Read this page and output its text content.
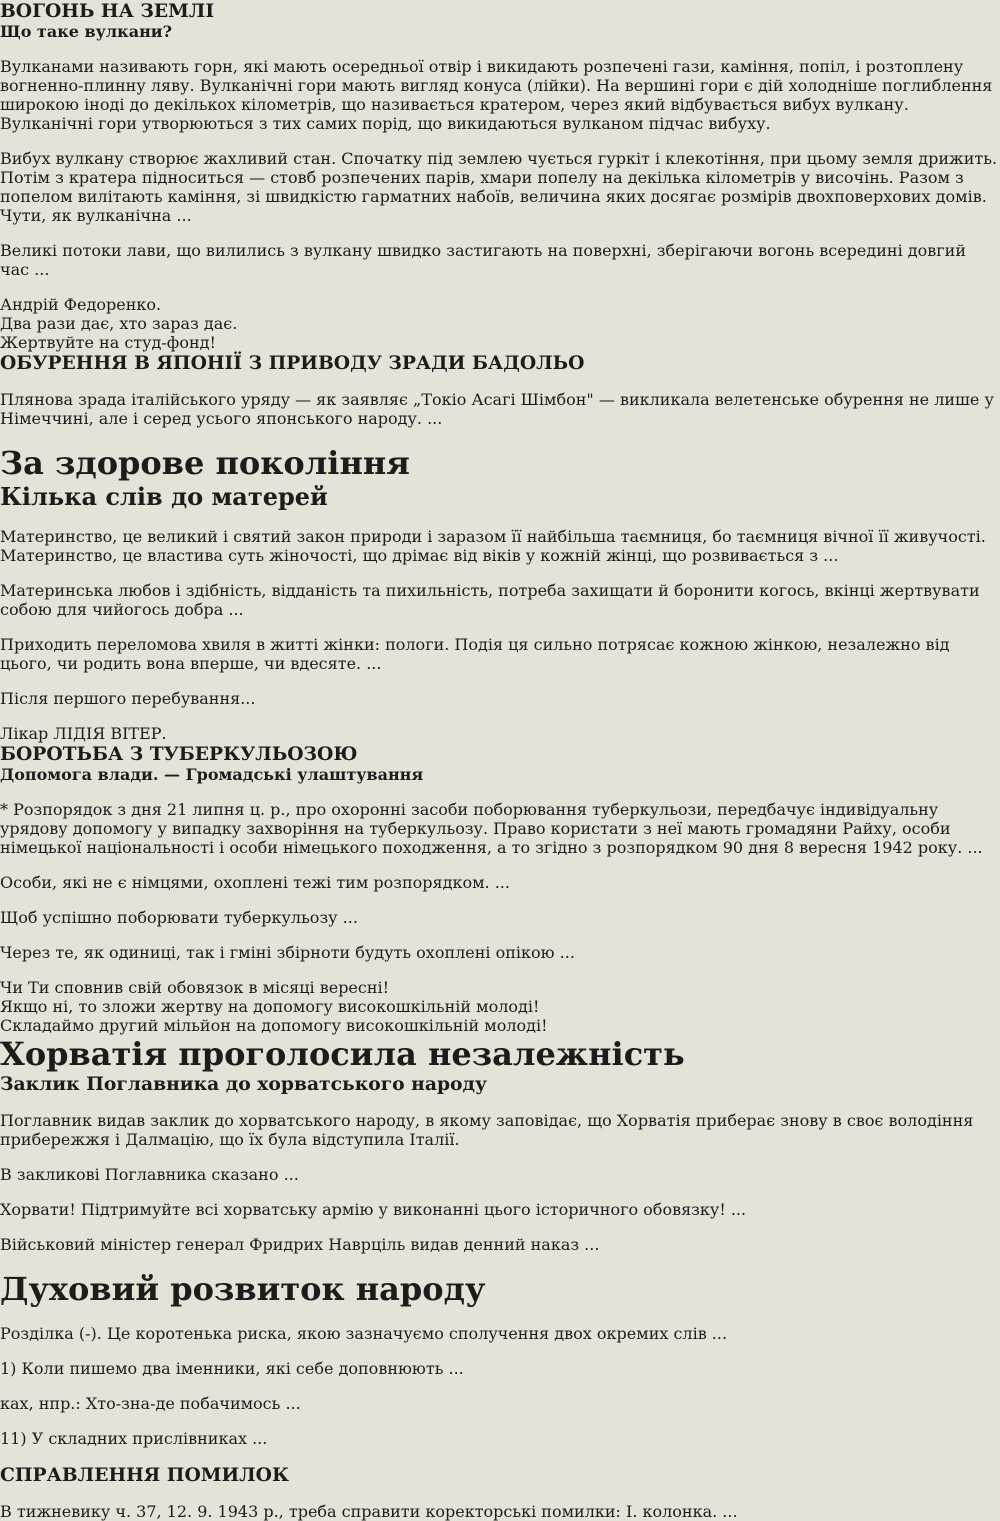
ВОГОНЬ НА ЗЕМЛІ
Що таке вулкани?

Вулканами називають горн, які мають осередньої отвір і викидають розпечені гази, каміння, попіл, і розтоплену вогненно-плинну ляву. Вулканічні гори мають вигляд конуса (лійки). На вершині гори є дій холодніше поглиблення широкою іноді до декількох кілометрів, що називається кратером, через який відбувається вибух вулкану. Вулканічні гори утворюються з тих самих порід, що викидаються вулканом підчас вибуху.

Вибух вулкану створює жахливий стан. Спочатку під землею чується гуркіт і клекотіння, при цьому земля дрижить. Потім з кратера підноситься — стовб розпечених парів, хмари попелу на декілька кілометрів у височінь. Разом з попелом вилітають каміння, зі швидкістю гарматних набоїв, величина яких досягає розмірів двохповерхових домів. Чути, як вулканічна ...

Великі потоки лави, що вилились з вулкану швидко застигають на поверхні, зберігаючи вогонь всередині довгий час ...

Андрій Федоренко.
Два рази дає, хто зараз дає.
Жертвуйте на студ-фонд!
ОБУРЕННЯ В ЯПОНІЇ З ПРИВОДУ ЗРАДИ БАДОЛЬО

Плянова зрада італійського уряду — як заявляє „Токіо Асагі Шімбон" — викликала велетенське обурення не лише у Німеччині, але і серед усього японського народу. ...

За здорове покоління
Кілька слів до матерей

Материнство, це великий і святий закон природи і заразом її найбільша таємниця, бо таємниця вічної її живучості. Материнство, це властива суть жіночості, що дрімає від віків у кожній жінці, що розвивається з ...

Материнська любов і здібність, відданість та пихильність, потреба захищати й боронити когось, вкінці жертвувати собою для чийогось добра ...

Приходить переломова хвиля в житті жінки: пологи. Подія ця сильно потрясає кожною жінкою, незалежно від цього, чи родить вона вперше, чи вдесяте. ...

Після першого перебування...

Лікар ЛІДІЯ ВІТЕР.
БОРОТЬБА З ТУБЕРКУЛЬОЗОЮ
Допомога влади. — Громадські улаштування

* Розпорядок з дня 21 липня ц. р., про охоронні засоби поборювання туберкульози, передбачує індивідуальну урядову допомогу у випадку захворіння на туберкульозу. Право користати з неї мають громадяни Райху, особи німецької національності і особи німецького походження, а то згідно з розпорядком 90 дня 8 вересня 1942 року. ...

Особи, які не є німцями, охоплені тежі тим розпорядком. ...

Щоб успішно поборювати туберкульозу ...

Через те, як одиниці, так і гміні збірноти будуть охоплені опікою ...

Чи Ти сповнив свій обовязок в місяці вересні!
Якщо ні, то зложи жертву на допомогу високошкільній молоді!
Складаймо другий мільйон на допомогу високошкільній молоді!
Хорватія проголосила незалежність
Заклик Поглавника до хорватського народу

Поглавник видав заклик до хорватського народу, в якому заповідає, що Хорватія приберає знову в своє володіння прибережжя і Далмацію, що їх була відступила Італії.

В закликові Поглавника сказано ...

Хорвати! Підтримуйте всі хорватську армію у виконанні цього історичного обовязку! ...

Військовий міністер генерал Фридрих Наврціль видав денний наказ ...

Духовий розвиток народу

Розділка (-). Це коротенька риска, якою зазначуємо сполучення двох окремих слів ...

1) Коли пишемо два іменники, які себе доповнюють ...

ках, нпр.: Хто-зна-де побачимось ...

11) У складних прислівниках ...

СПРАВЛЕННЯ ПОМИЛОК

В тижневику ч. 37, 12. 9. 1943 р., треба справити коректорські помилки: I. колонка. ...
